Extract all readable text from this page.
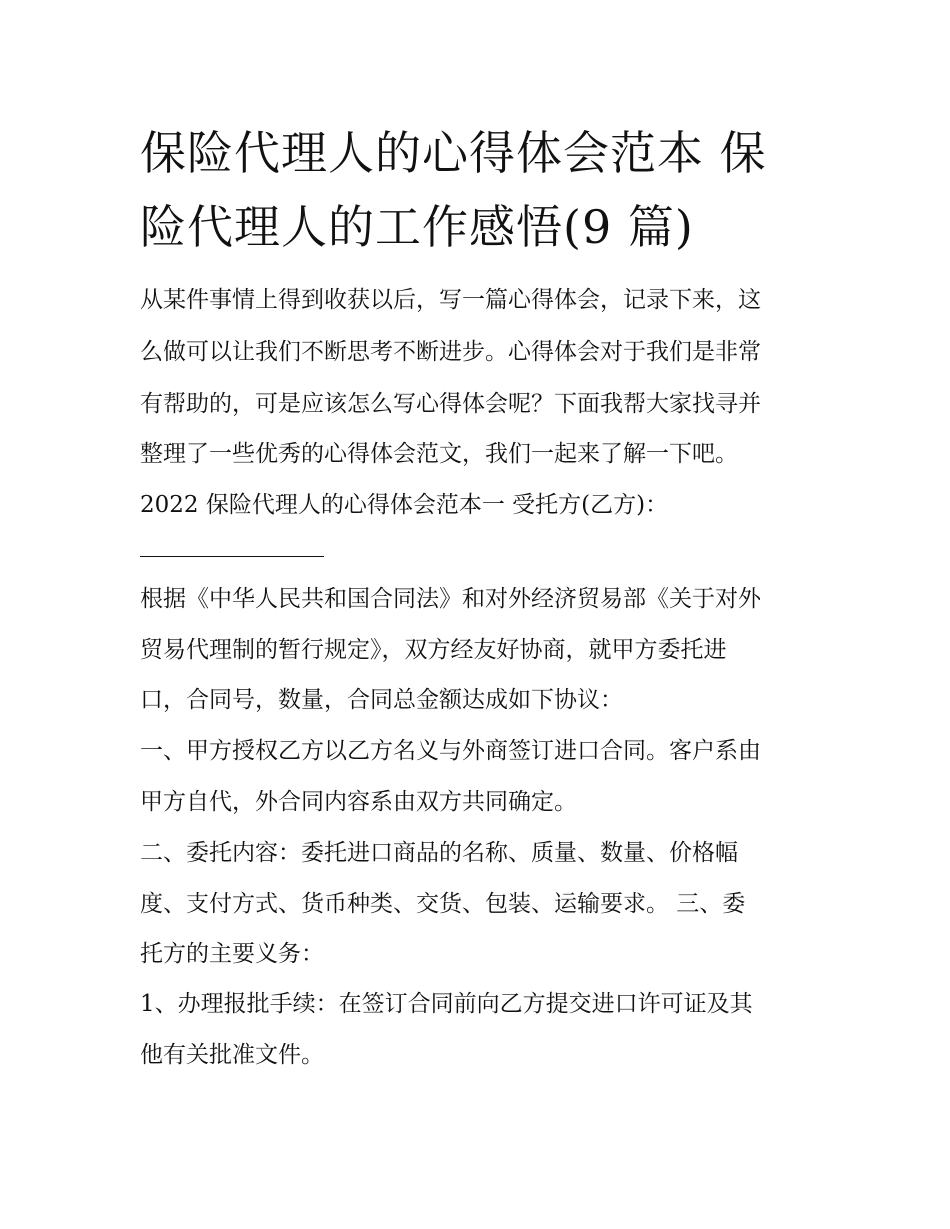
保险代理人的心得体会范本 保
险代理人的工作感悟(9 篇)

从某件事情上得到收获以后，写一篇心得体会，记录下来，这

么做可以让我们不断思考不断进步。心得体会对于我们是非常

有帮助的，可是应该怎么写心得体会呢？下面我帮大家找寻并

整理了一些优秀的心得体会范文，我们一起来了解一下吧。

2022 保险代理人的心得体会范本一 受托方(乙方)：

根据《中华人民共和国合同法》和对外经济贸易部《关于对外

贸易代理制的暂行规定》，双方经友好协商，就甲方委托进

口，合同号，数量，合同总金额达成如下协议：

一、甲方授权乙方以乙方名义与外商签订进口合同。客户系由

甲方自代，外合同内容系由双方共同确定。

二、委托内容：委托进口商品的名称、质量、数量、价格幅

度、支付方式、货币种类、交货、包装、运输要求。 三、委

托方的主要义务：

1、办理报批手续：在签订合同前向乙方提交进口许可证及其

他有关批准文件。
